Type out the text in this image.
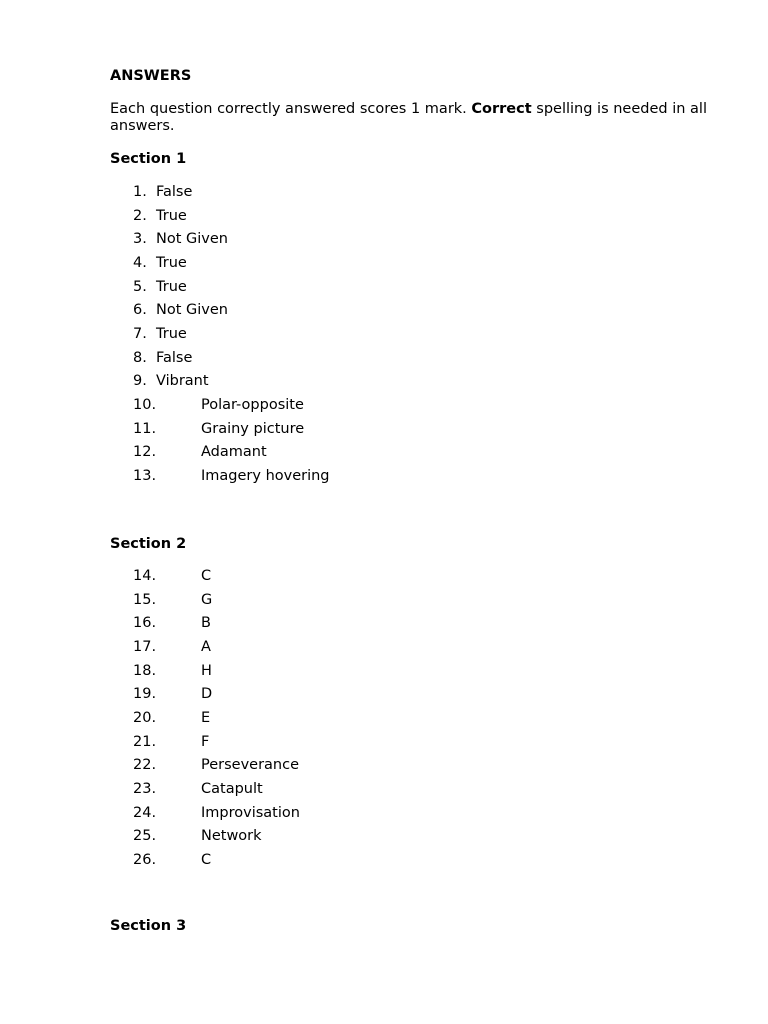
ANSWERS
Each question correctly answered scores 1 mark. Correct spelling is needed in all answers.
Section 1
1. False
2. True
3. Not Given
4. True
5. True
6. Not Given
7. True
8. False
9. Vibrant
10.	Polar-opposite
11.	Grainy picture
12.	Adamant
13.	Imagery hovering
Section 2
14.	C
15.	G
16.	B
17.	A
18.	H
19.	D
20.	E
21.	F
22.	Perseverance
23.	Catapult
24.	Improvisation
25.	Network
26.	C
Section 3
